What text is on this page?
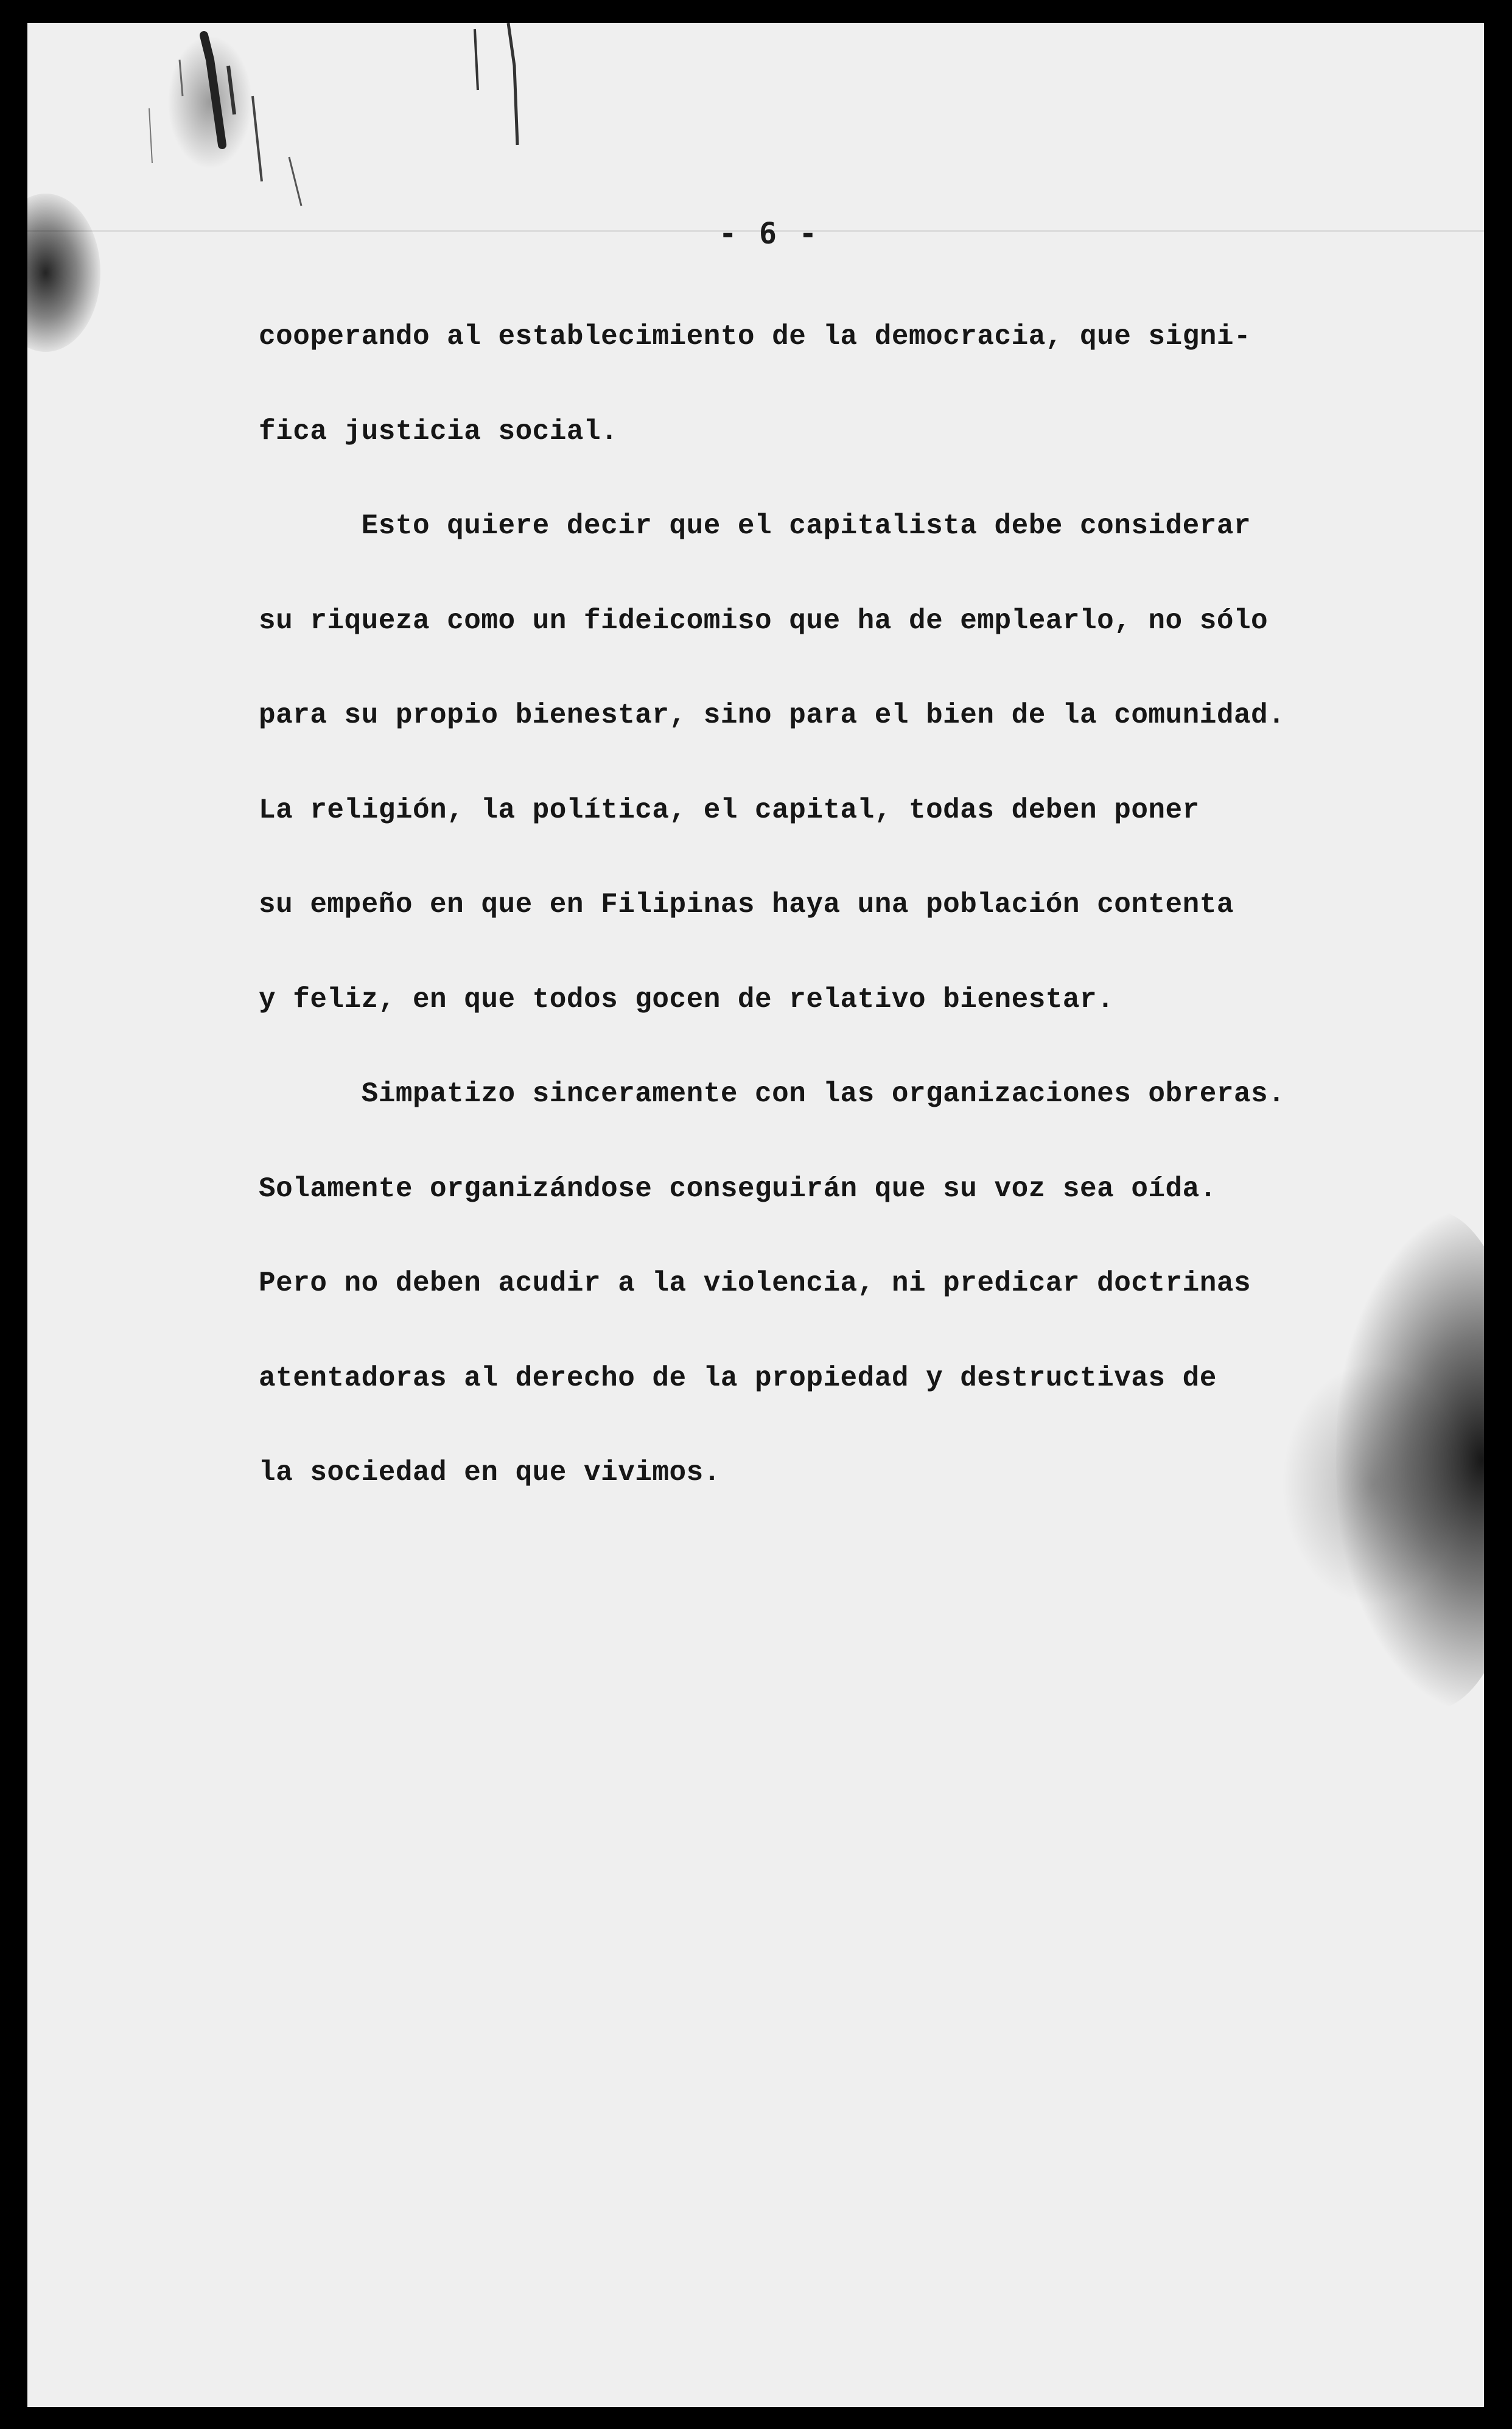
- 6 -
cooperando al establecimiento de la democracia, que signi-
fica justicia social.
Esto quiere decir que el capitalista debe considerar
su riqueza como un fideicomiso que ha de emplearlo, no sólo
para su propio bienestar, sino para el bien de la comunidad.
La religión, la política, el capital, todas deben poner
su empeño en que en Filipinas haya una población contenta
y feliz, en que todos gocen de relativo bienestar.
Simpatizo sinceramente con las organizaciones obreras.
Solamente organizándose conseguirán que su voz sea oída.
Pero no deben acudir a la violencia, ni predicar doctrinas
atentadoras al derecho de la propiedad y destructivas de
la sociedad en que vivimos.
